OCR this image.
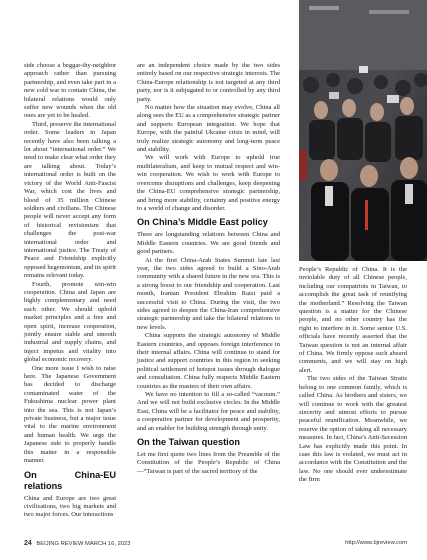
side choose a beggar-thy-neighbor approach rather than pursuing partnership, and even take part in a new cold war to contain China, the bilateral relations would only suffer new wounds when the old ones are yet to be healed.

Third, preserve the international order. Some leaders in Japan recently have also been talking a lot about “international order.” We need to make clear what order they are talking about. Today’s international order is built on the victory of the World Anti-Fascist War, which cost the lives and blood of 35 million Chinese soldiers and civilians. The Chinese people will never accept any form of historical revisionism that challenges the post-war international order and international justice. The Treaty of Peace and Friendship explicitly opposed hegemonism, and its spirit remains relevant today.

Fourth, promote win-win cooperation. China and Japan are highly complementary and need each other. We should uphold market principles and a free and open spirit, increase cooperation, jointly ensure stable and smooth industrial and supply chains, and inject impetus and vitality into global economic recovery.

One more issue I wish to raise here. The Japanese Government has decided to discharge contaminated water of the Fukushima nuclear power plant into the sea. This is not Japan’s private business, but a major issue vital to the marine environment and human health. We urge the Japanese side to properly handle this matter in a responsible manner.

On China-EU relations

China and Europe are two great civilizations, two big markets and two major forces. Our interactions

are an independent choice made by the two sides entirely based on our respective strategic interests. The China-Europe relationship is not targeted at any third party, nor is it subjugated to or controlled by any third party.

No matter how the situation may evolve, China all along sees the EU as a comprehensive strategic partner and supports European integration. We hope that Europe, with the painful Ukraine crisis in mind, will truly realize strategic autonomy and long-term peace and stability.

We will work with Europe to uphold true multilateralism, and keep to mutual respect and win-win cooperation. We wish to work with Europe to overcome disruptions and challenges, keep deepening the China-EU comprehensive strategic partnership, and bring more stability, certainty and positive energy to a world of change and disorder.

On China’s Middle East policy

There are longstanding relations between China and Middle Eastern countries. We are good friends and good partners.

At the first China-Arab States Summit late last year, the two sides agreed to build a Sino-Arab community with a shared future in the new era. This is a strong boost to our friendship and cooperation. Last month, Iranian President Ebrahim Raisi paid a successful visit to China. During the visit, the two sides agreed to deepen the China-Iran comprehensive strategic partnership and take the bilateral relations to new levels.

China supports the strategic autonomy of Middle Eastern countries, and opposes foreign interference in their internal affairs. China will continue to stand for justice and support countries in this region in seeking political settlement of hotspot issues through dialogue and consultation. China fully respects Middle Eastern countries as the masters of their own affairs.

We have no intention to fill a so-called “vacuum.” And we will not build exclusive circles. In the Middle East, China will be a facilitator for peace and stability, a cooperative partner for development and prosperity, and an enabler for building strength through unity.

On the Taiwan question

Let me first quote two lines from the Preamble of the Constitution of the People’s Republic of China—“Taiwan is part of the sacred territory of the

People’s Republic of China. It is the inviolable duty of all Chinese people, including our compatriots in Taiwan, to accomplish the great task of reunifying the motherland.” Resolving the Taiwan question is a matter for the Chinese people, and no other country has the right to interfere in it. Some senior U.S. officials have recently asserted that the Taiwan question is not an internal affair of China. We firmly oppose such absurd comments, and we will stay on high alert.

The two sides of the Taiwan Straits belong to one common family, which is called China. As brothers and sisters, we will continue to work with the greatest sincerity and utmost efforts to pursue peaceful reunification. Meanwhile, we reserve the option of taking all necessary measures. In fact, China’s Anti-Secession Law has explicitly made this point. In case this law is violated, we must act in accordance with the Constitution and the law. No one should ever underestimate the firm

24 BEIJING REVIEW MARCH 16, 2023	http://www.bjreview.com
